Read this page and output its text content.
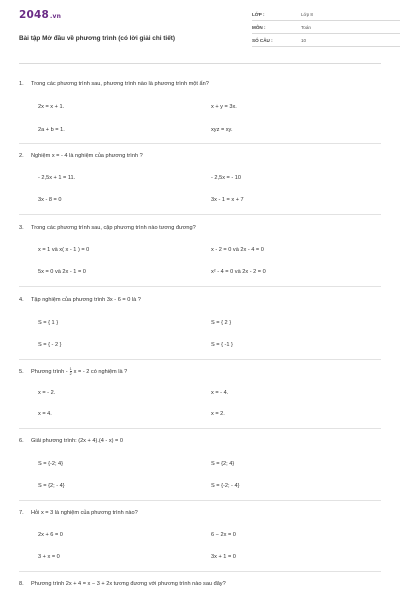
2048.vn
Bài tập Mở đầu về phương trình (có lời giải chi tiết)
LỚP :	Lớp 8
MÔN :	Toán
SỐ CÂU :	10
1. Trong các phương trình sau, phương trình nào là phương trình một ẩn?
2x = x + 1.	x + y = 3x.
2a + b = 1.	xyz = xy.
2. Nghiệm x = - 4 là nghiệm của phương trình ?
- 2,5x + 1 = 11.	- 2,5x = - 10
3x - 8 = 0	3x - 1 = x + 7
3. Trong các phương trình sau, cặp phương trình nào tương đương?
x = 1 và x( x - 1 ) = 0	x - 2 = 0 và 2x - 4 = 0
5x = 0 và 2x - 1 = 0	x² - 4 = 0 và 2x - 2 = 0
4. Tập nghiệm của phương trình 3x - 6 = 0 là ?
S = { 1 }	S = { 2 }
S = { - 2 }	S = { -1 }
5. Phương trình - $\frac{1}{2}$ x = - 2 có nghiệm là ?
x = - 2.	x = - 4.
x = 4.	x = 2.
6. Giải phương trình: (2x + 4).(4 - x) = 0
S = {-2; 4}	S = {2; 4}
S = {2; - 4}	S = {-2; - 4}
7. Hỏi x = 3 là nghiệm của phương trình nào?
2x + 6 = 0	6 − 2x = 0
3 + x = 0	3x + 1 = 0
8. Phương trình 2x + 4 = x − 3 + 2x tương đương với phương trình nào sau đây?
